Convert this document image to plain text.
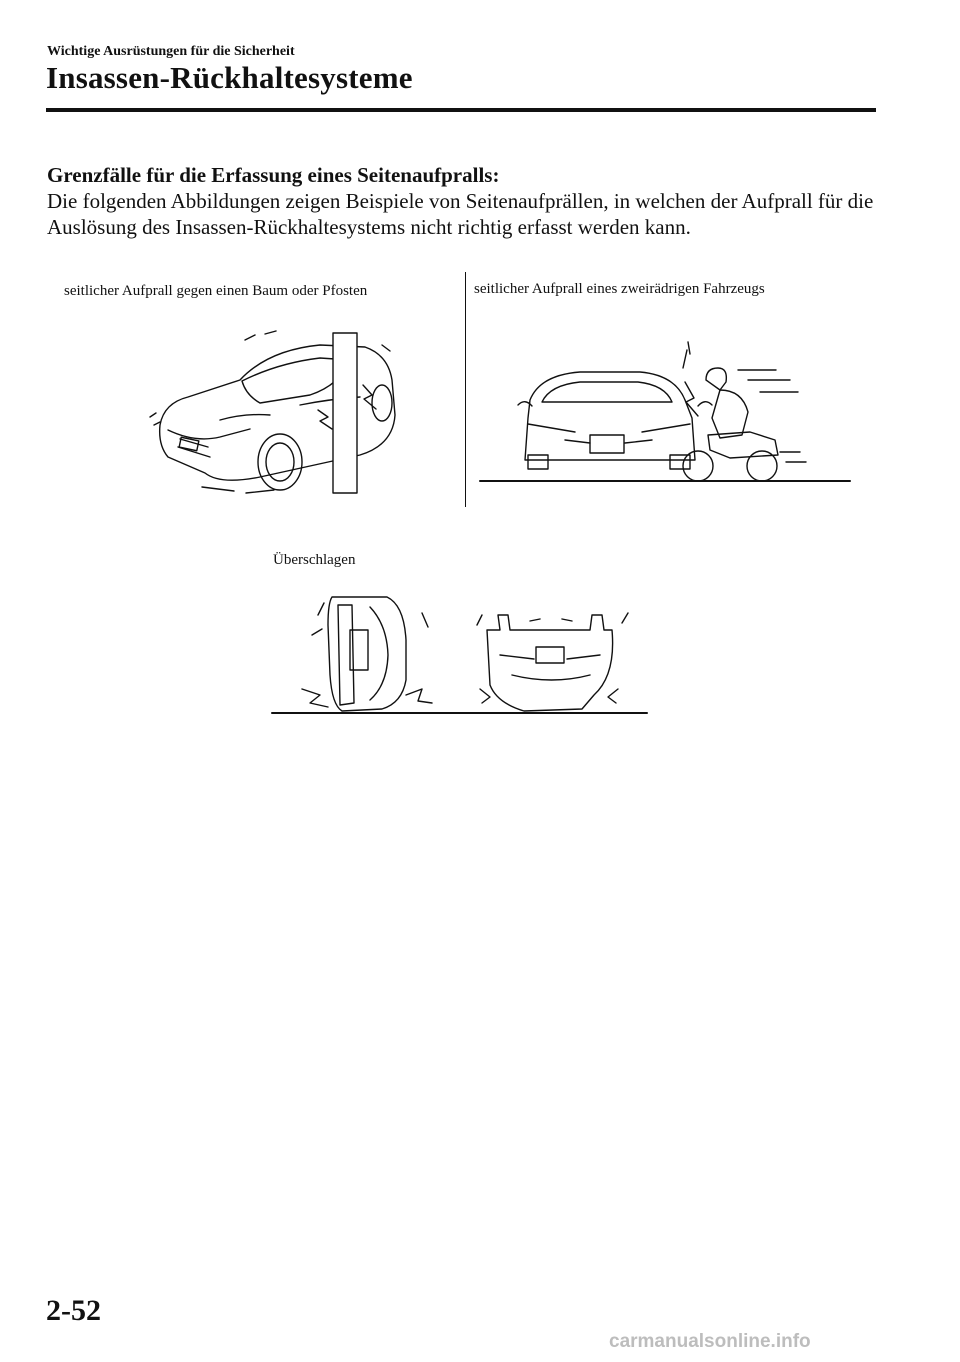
Wichtige Ausrüstungen für die Sicherheit
Insassen-Rückhaltesysteme
Grenzfälle für die Erfassung eines Seitenaufpralls:
Die folgenden Abbildungen zeigen Beispiele von Seitenaufprällen, in welchen der Aufprall für die Auslösung des Insassen-Rückhaltesystems nicht richtig erfasst werden kann.
seitlicher Aufprall gegen einen Baum oder Pfosten	seitlicher Aufprall eines zweirädrigen Fahrzeugs
Überschlagen
2-52
carmanualsonline.info
